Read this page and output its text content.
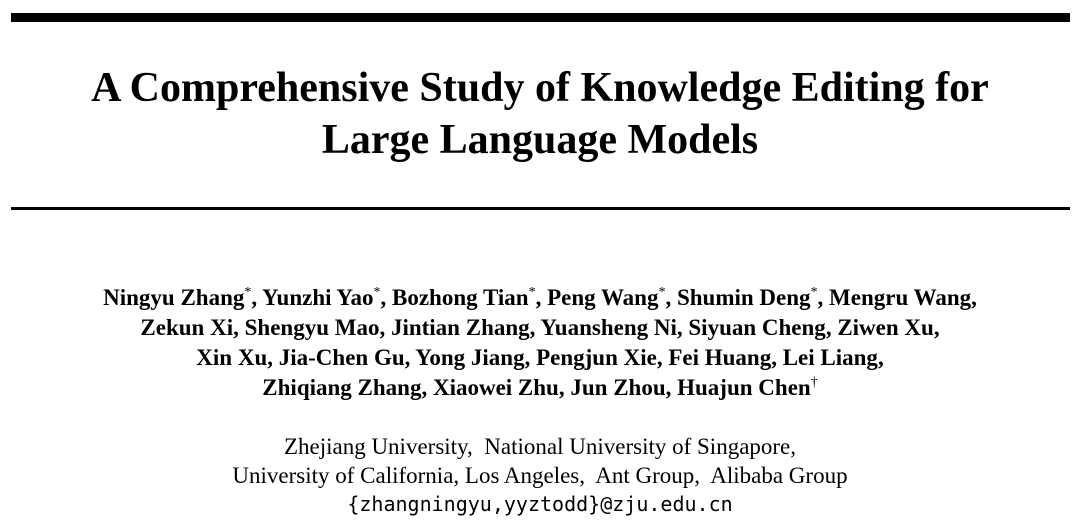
A Comprehensive Study of Knowledge Editing for
Large Language Models
Ningyu Zhang*, Yunzhi Yao*, Bozhong Tian*, Peng Wang*, Shumin Deng*, Mengru Wang,
Zekun Xi, Shengyu Mao, Jintian Zhang, Yuansheng Ni, Siyuan Cheng, Ziwen Xu,
Xin Xu, Jia-Chen Gu, Yong Jiang, Pengjun Xie, Fei Huang, Lei Liang,
Zhiqiang Zhang, Xiaowei Zhu, Jun Zhou, Huajun Chen†
Zhejiang University,  National University of Singapore,
University of California, Los Angeles,  Ant Group,  Alibaba Group
{zhangningyu,yyztodd}@zju.edu.cn
